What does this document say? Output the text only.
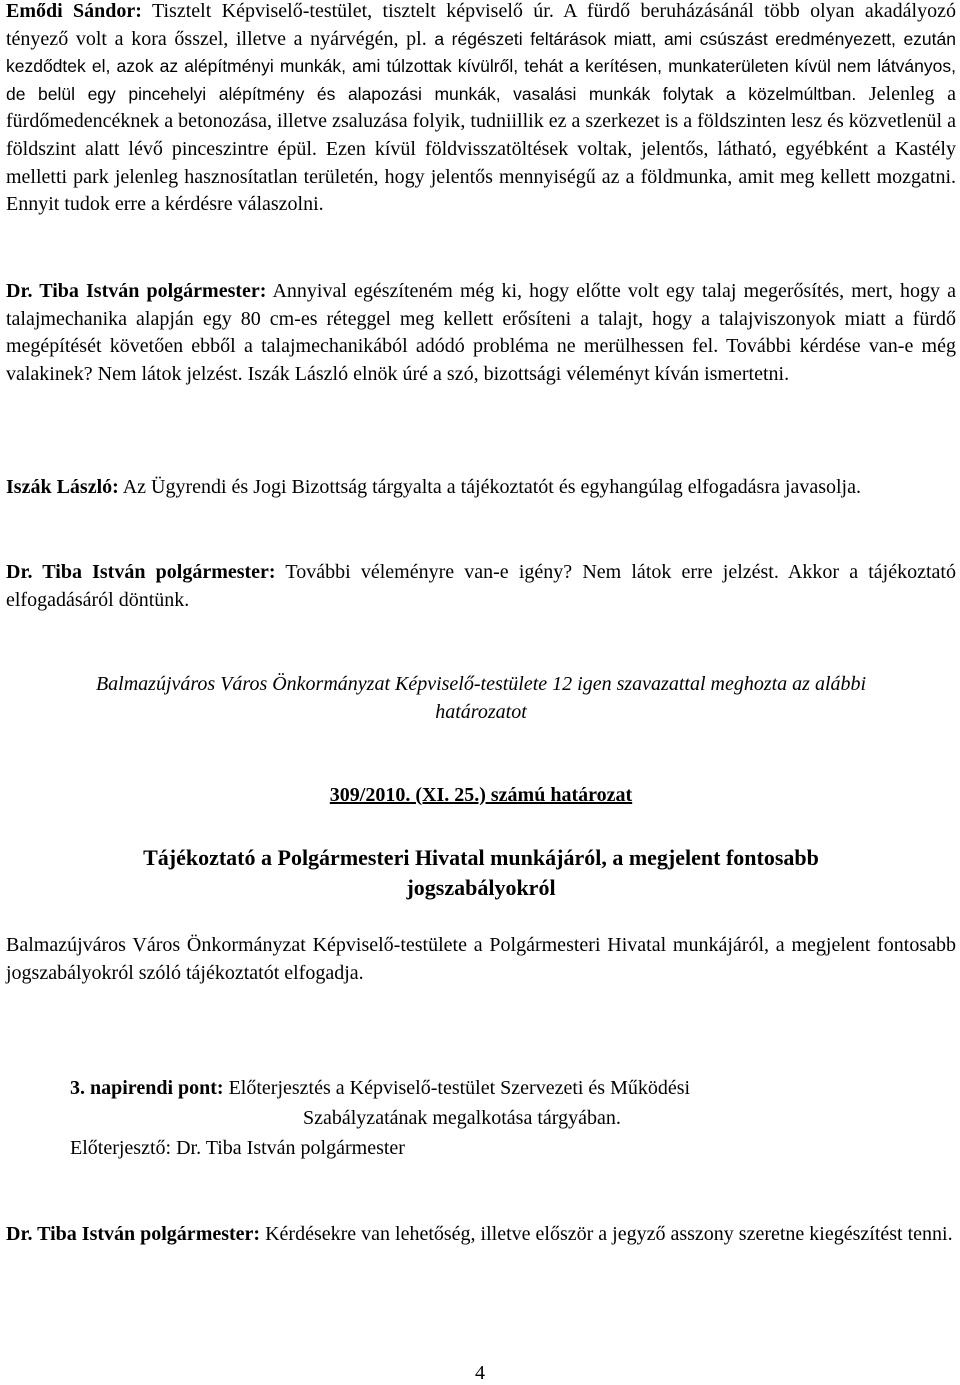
Emődi Sándor: Tisztelt Képviselő-testület, tisztelt képviselő úr. A fürdő beruházásánál több olyan akadályozó tényező volt a kora ősszel, illetve a nyárvégén, pl. a régészeti feltárások miatt, ami csúszást eredményezett, ezután kezdődtek el, azok az alépítményi munkák, ami túlzottak kívülről, tehát a kerítésen, munkaterületen kívül nem látványos, de belül egy pincehelyi alépítmény és alapozási munkák, vasalási munkák folytak a közelmúltban. Jelenleg a fürdőmedencéknek a betonozása, illetve zsaluzása folyik, tudniillik ez a szerkezet is a földszinten lesz és közvetlenül a földszint alatt lévő pinceszintre épül. Ezen kívül földvisszatöltések voltak, jelentős, látható, egyébként a Kastély melletti park jelenleg hasznosítatlan területén, hogy jelentős mennyiségű az a földmunka, amit meg kellett mozgatni. Ennyit tudok erre a kérdésre válaszolni.

Dr. Tiba István polgármester: Annyival egészíteném még ki, hogy előtte volt egy talaj megerősítés, mert, hogy a talajmechanika alapján egy 80 cm-es réteggel meg kellett erősíteni a talajt, hogy a talajviszonyok miatt a fürdő megépítését követően ebből a talajmechanikából adódó probléma ne merülhessen fel. További kérdése van-e még valakinek? Nem látok jelzést. Iszák László elnök úré a szó, bizottsági véleményt kíván ismertetni.

Iszák László: Az Ügyrendi és Jogi Bizottság tárgyalta a tájékoztatót és egyhangúlag elfogadásra javasolja.

Dr. Tiba István polgármester: További véleményre van-e igény? Nem látok erre jelzést. Akkor a tájékoztató elfogadásáról döntünk.

Balmazújváros Város Önkormányzat Képviselő-testülete 12 igen szavazattal meghozta az alábbi
határozatot
309/2010. (XI. 25.) számú határozat
Tájékoztató a Polgármesteri Hivatal munkájáról, a megjelent fontosabb
jogszabályokról

Balmazújváros Város Önkormányzat Képviselő-testülete a Polgármesteri Hivatal munkájáról, a megjelent fontosabb jogszabályokról szóló tájékoztatót elfogadja.

3. napirendi pont: Előterjesztés a Képviselő-testület Szervezeti és Működési

Szabályzatának megalkotása tárgyában.

Előterjesztő: Dr. Tiba István polgármester

Dr. Tiba István polgármester: Kérdésekre van lehetőség, illetve először a jegyző asszony szeretne kiegészítést tenni.

4
